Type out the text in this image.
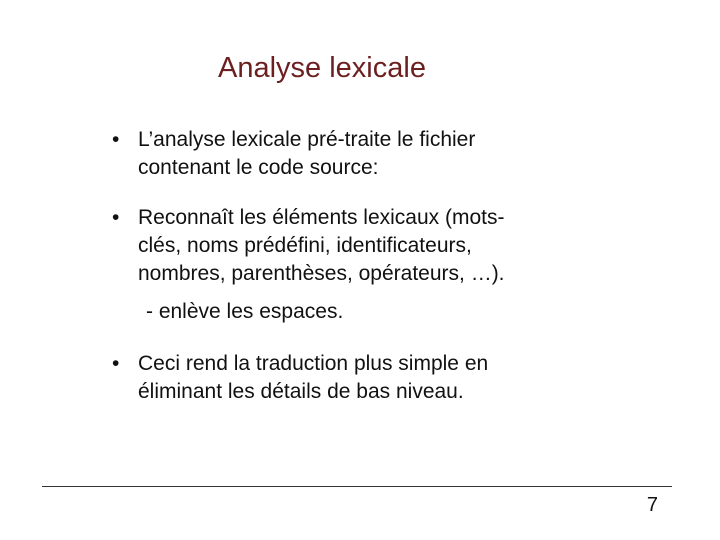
Analyse lexicale
• L’analyse lexicale pré-traite le fichier
contenant le code source:
• Reconnaît les éléments lexicaux (mots-
clés, noms prédéfini, identificateurs,
nombres, parenthèses, opérateurs, …).
- enlève les espaces.
• Ceci rend la traduction plus simple en
éliminant les détails de bas niveau.
7
